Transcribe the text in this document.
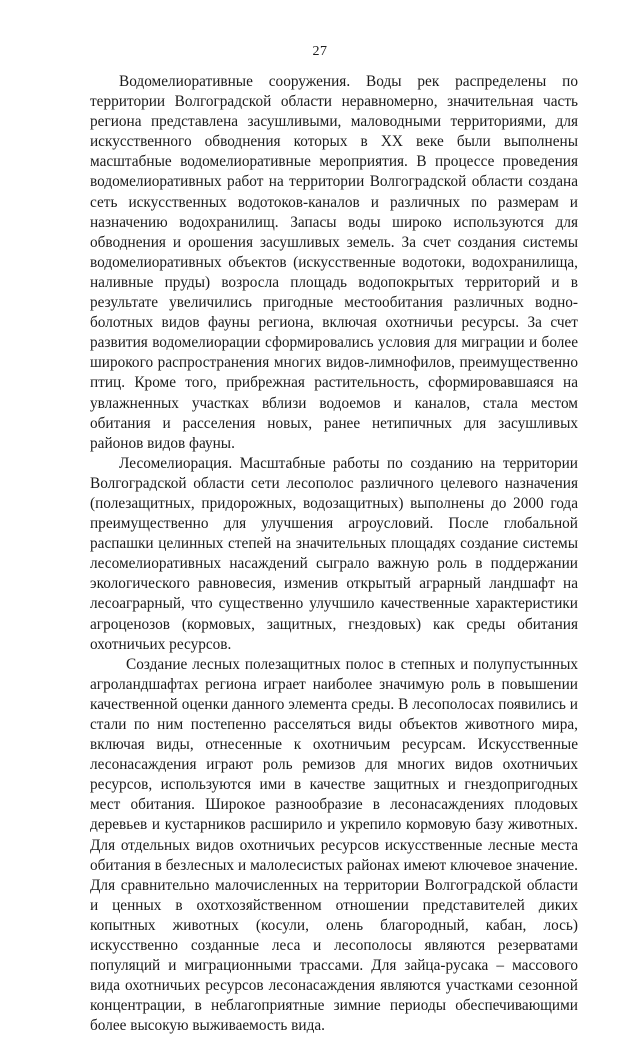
27

Водомелиоративные сооружения. Воды рек распределены по территории Волгоградской области неравномерно, значительная часть региона представлена засушливыми, маловодными территориями, для искусственного обводнения которых в XX веке были выполнены масштабные водомелиоративные мероприятия. В процессе проведения водомелиоративных работ на территории Волгоградской области создана сеть искусственных водотоков-каналов и различных по размерам и назначению водохранилищ. Запасы воды широко используются для обводнения и орошения засушливых земель. За счет создания системы водомелиоративных объектов (искусственные водотоки, водохранилища, наливные пруды) возросла площадь водопокрытых территорий и в результате увеличились пригодные местообитания различных водно-болотных видов фауны региона, включая охотничьи ресурсы. За счет развития водомелиорации сформировались условия для миграции и более широкого распространения многих видов-лимнофилов, преимущественно птиц. Кроме того, прибрежная растительность, сформировавшаяся на увлажненных участках вблизи водоемов и каналов, стала местом обитания и расселения новых, ранее нетипичных для засушливых районов видов фауны.

Лесомелиорация. Масштабные работы по созданию на территории Волгоградской области сети лесополос различного целевого назначения (полезащитных, придорожных, водозащитных) выполнены до 2000 года преимущественно для улучшения агроусловий. После глобальной распашки целинных степей на значительных площадях создание системы лесомелиоративных насаждений сыграло важную роль в поддержании экологического равновесия, изменив открытый аграрный ландшафт на лесоаграрный, что существенно улучшило качественные характеристики агроценозов (кормовых, защитных, гнездовых) как среды обитания охотничьих ресурсов.

Создание лесных полезащитных полос в степных и полупустынных агроландшафтах региона играет наиболее значимую роль в повышении качественной оценки данного элемента среды. В лесополосах появились и стали по ним постепенно расселяться виды объектов животного мира, включая виды, отнесенные к охотничьим ресурсам. Искусственные лесонасаждения играют роль ремизов для многих видов охотничьих ресурсов, используются ими в качестве защитных и гнездопригодных мест обитания. Широкое разнообразие в лесонасаждениях плодовых деревьев и кустарников расширило и укрепило кормовую базу животных. Для отдельных видов охотничьих ресурсов искусственные лесные места обитания в безлесных и малолесистых районах имеют ключевое значение. Для сравнительно малочисленных на территории Волгоградской области и ценных в охотхозяйственном отношении представителей диких копытных животных (косули, олень благородный, кабан, лось) искусственно созданные леса и лесополосы являются резерватами популяций и миграционными трассами. Для зайца-русака – массового вида охотничьих ресурсов лесонасаждения являются участками сезонной концентрации, в неблагоприятные зимние периоды обеспечивающими более высокую выживаемость вида.
